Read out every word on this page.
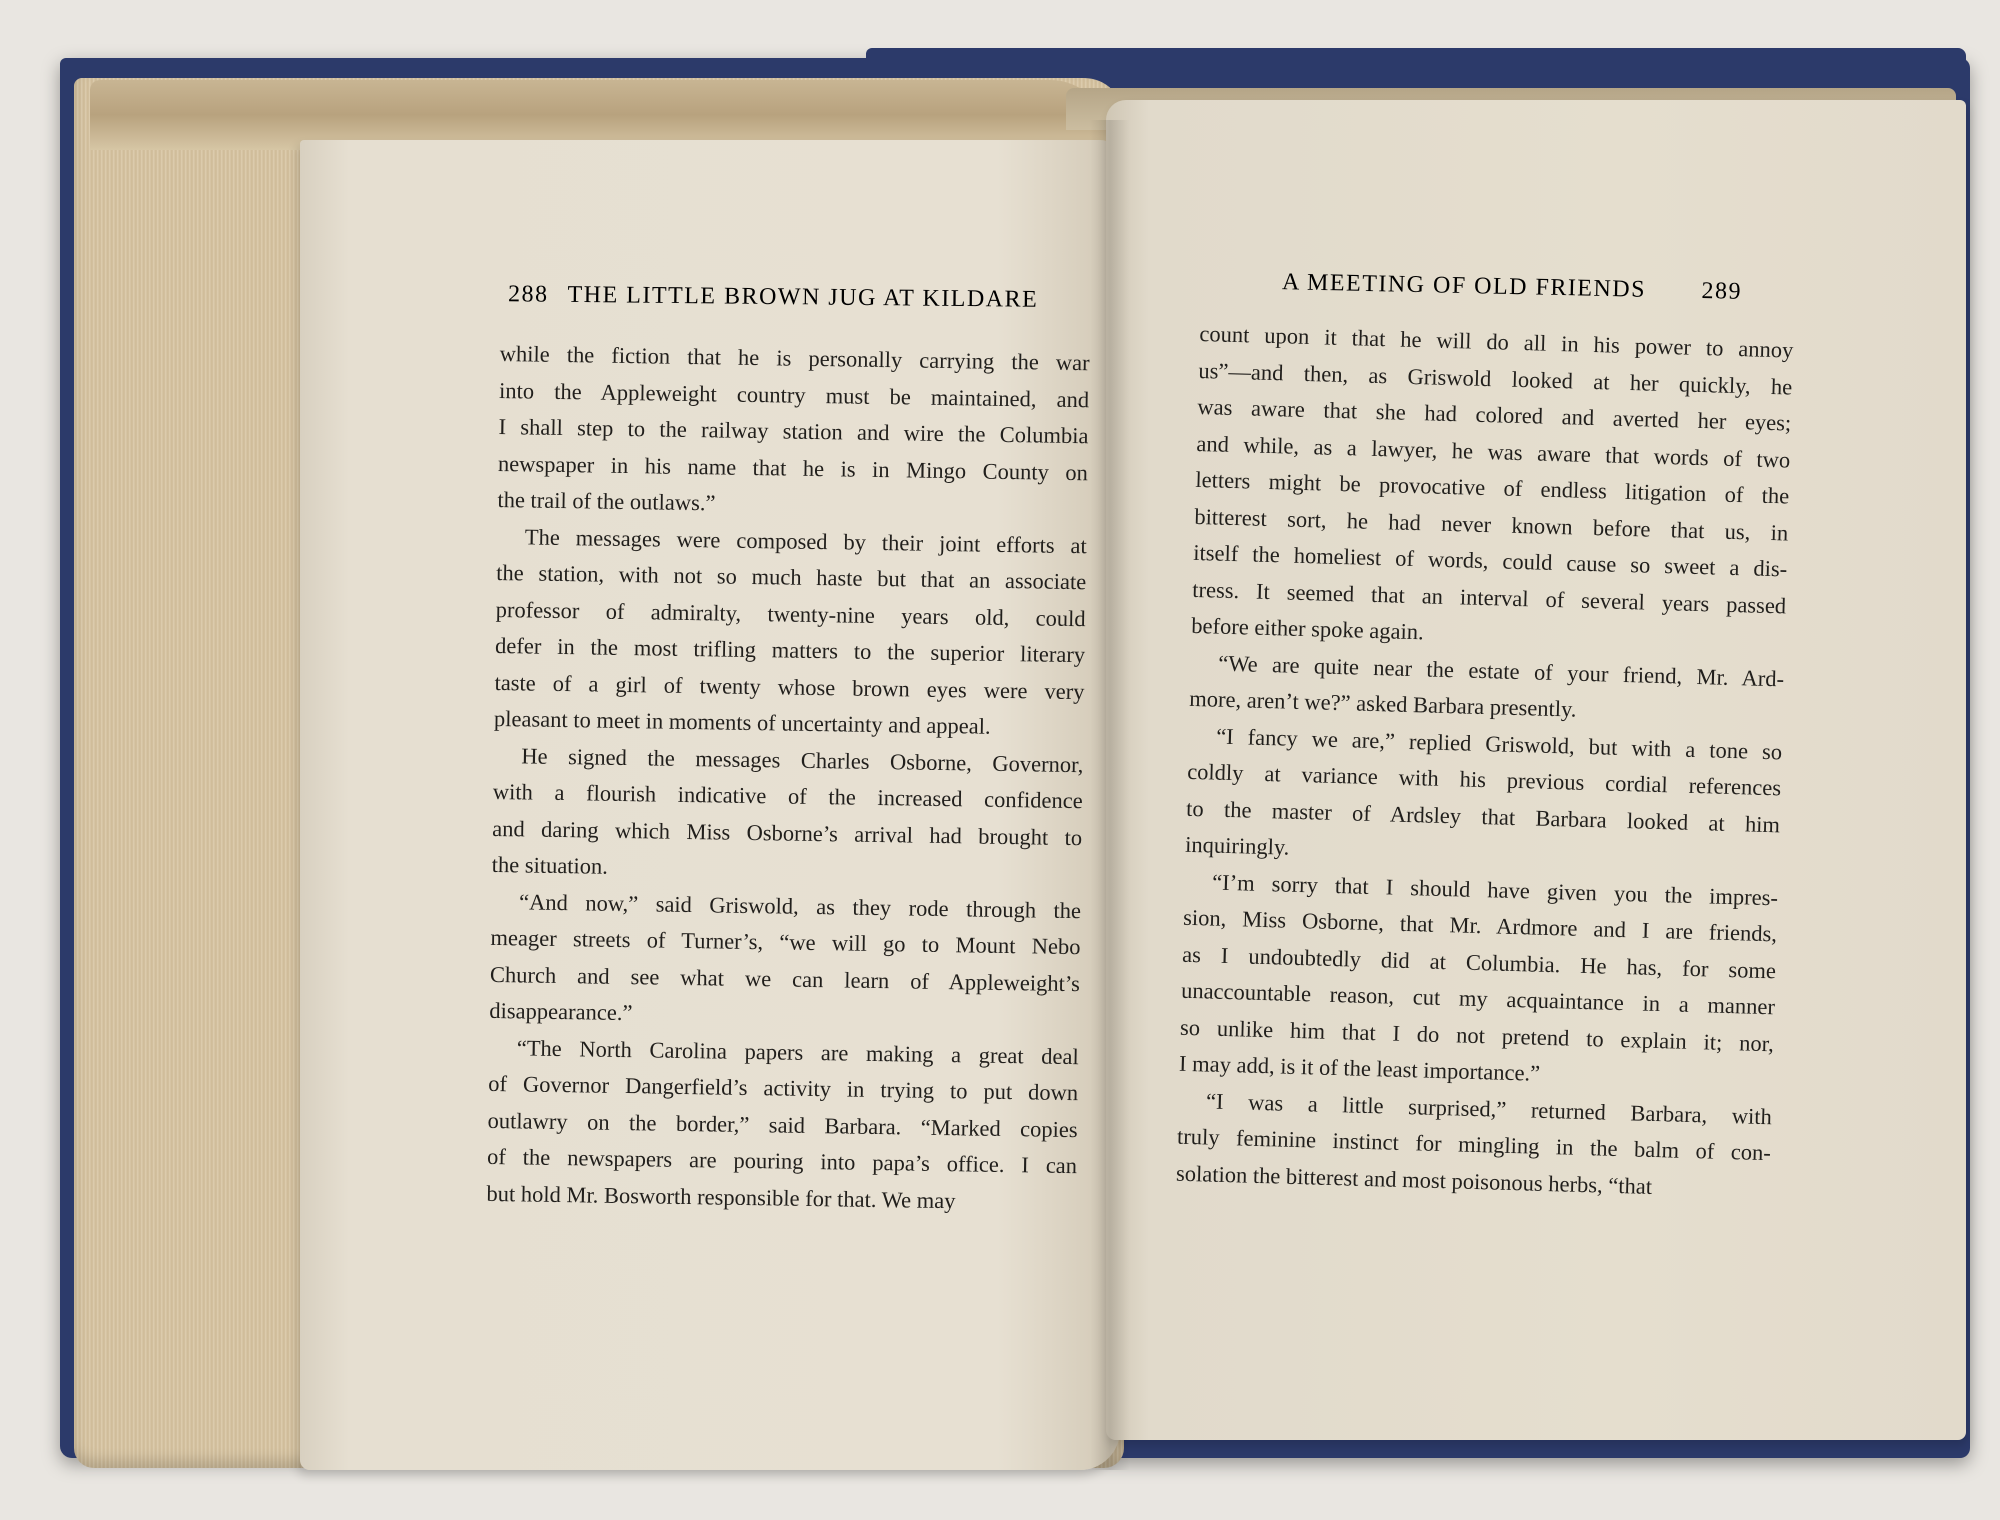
288 THE LITTLE BROWN JUG AT KILDARE	A MEETING OF OLD FRIENDS 289

while the fiction that he is personally carrying the war
into the Appleweight country must be maintained, and
I shall step to the railway station and wire the Columbia
newspaper in his name that he is in Mingo County on
the trail of the outlaws.”

The messages were composed by their joint efforts at
the station, with not so much haste but that an associate
professor of admiralty, twenty-nine years old, could
defer in the most trifling matters to the superior literary
taste of a girl of twenty whose brown eyes were very
pleasant to meet in moments of uncertainty and appeal.

He signed the messages Charles Osborne, Governor,
with a flourish indicative of the increased confidence
and daring which Miss Osborne’s arrival had brought to
the situation.

“And now,” said Griswold, as they rode through the
meager streets of Turner’s, “we will go to Mount Nebo
Church and see what we can learn of Appleweight’s
disappearance.”

“The North Carolina papers are making a great deal
of Governor Dangerfield’s activity in trying to put down
outlawry on the border,” said Barbara. “Marked copies
of the newspapers are pouring into papa’s office. I can
but hold Mr. Bosworth responsible for that. We may

count upon it that he will do all in his power to annoy
us”—and then, as Griswold looked at her quickly, he
was aware that she had colored and averted her eyes;
and while, as a lawyer, he was aware that words of two
letters might be provocative of endless litigation of the
bitterest sort, he had never known before that us, in
itself the homeliest of words, could cause so sweet a dis-
tress. It seemed that an interval of several years passed
before either spoke again.

“We are quite near the estate of your friend, Mr. Ard-
more, aren’t we?” asked Barbara presently.

“I fancy we are,” replied Griswold, but with a tone so
coldly at variance with his previous cordial references
to the master of Ardsley that Barbara looked at him
inquiringly.

“I’m sorry that I should have given you the impres-
sion, Miss Osborne, that Mr. Ardmore and I are friends,
as I undoubtedly did at Columbia. He has, for some
unaccountable reason, cut my acquaintance in a manner
so unlike him that I do not pretend to explain it; nor,
I may add, is it of the least importance.”

“I was a little surprised,” returned Barbara, with
truly feminine instinct for mingling in the balm of con-
solation the bitterest and most poisonous herbs, “that
